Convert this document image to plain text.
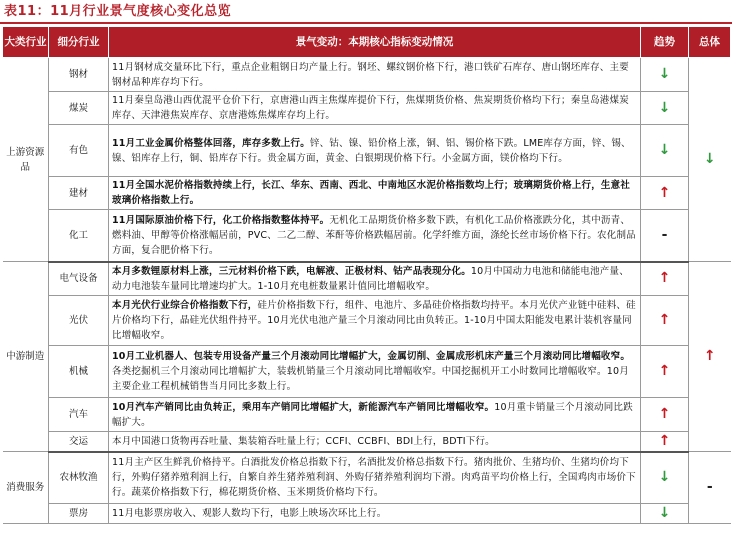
表11：11月行业景气度核心变化总览
大类行业	细分行业	景气变动：本期核心指标变动情况	趋势	总体
上游资源品	钢材	11月钢材成交量环比下行，重点企业粗钢日均产量上行。钢坯、螺纹钢价格下行，港口铁矿石库存、唐山钢坯库存、主要钢材品种库存均下行。	↓	↓
	煤炭	11月秦皇岛港山西优混平仓价下行，京唐港山西主焦煤库提价下行，焦煤期货价格、焦炭期货价格均下行；秦皇岛港煤炭库存、天津港焦炭库存、京唐港炼焦煤库存均上行。	↓	
	有色	11月工业金属价格整体回落，库存多数上行。锌、钴、镍、铅价格上涨，铜、铝、锡价格下跌。LME库存方面，锌、锡、镍、铝库存上行，铜、铅库存下行。贵金属方面，黄金、白银期现价格下行。小金属方面，镁价格均下行。	↓	
	建材	11月全国水泥价格指数持续上行，长江、华东、西南、西北、中南地区水泥价格指数均上行；玻璃期货价格上行，生意社玻璃价格指数上行。	↑	
	化工	11月国际原油价格下行，化工价格指数整体持平。无机化工品期货价格多数下跌，有机化工品价格涨跌分化，其中沥青、燃料油、甲醇等价格涨幅居前，PVC、二乙二醇、苯酐等价格跌幅居前。化学纤维方面，涤纶长丝市场价格下行。农化制品方面，复合肥价格下行。	-	
中游制造	电气设备	本月多数锂原材料上涨，三元材料价格下跌，电解液、正极材料、钴产品表现分化。10月中国动力电池和储能电池产量、动力电池装车量同比增速均扩大。1-10月充电桩数量累计值同比增幅收窄。	↑	↑
	光伏	本月光伏行业综合价格指数下行，硅片价格指数下行，组件、电池片、多晶硅价格指数均持平。本月光伏产业链中硅料、硅片价格均下行，晶硅光伏组件持平。10月光伏电池产量三个月滚动同比由负转正。1-10月中国太阳能发电累计装机容量同比增幅收窄。	↑	
	机械	10月工业机器人、包装专用设备产量三个月滚动同比增幅扩大，金属切削、金属成形机床产量三个月滚动同比增幅收窄。各类挖掘机三个月滚动同比增幅扩大，装载机销量三个月滚动同比增幅收窄。中国挖掘机开工小时数同比增幅收窄。10月主要企业工程机械销售当月同比多数上行。	↑	
	汽车	10月汽车产销同比由负转正，乘用车产销同比增幅扩大，新能源汽车产销同比增幅收窄。10月重卡销量三个月滚动同比跌幅扩大。	↑	
	交运	本月中国港口货物再吞吐量、集装箱吞吐量上行；CCFI、CCBFI、BDI上行，BDTI下行。	↑	
消费服务	农林牧渔	11月主产区生鲜乳价格持平。白酒批发价格总指数下行，名酒批发价格总指数下行。猪肉批价、生猪均价、生猪均价均下行，外购仔猪养殖利润上行，自繁自养生猪养殖利润、外购仔猪养殖利润均下滑。肉鸡苗平均价格上行，全国鸡肉市场价下行。蔬菜价格指数下行，棉花期货价格、玉米期货价格均下行。	↓	-
	票房	11月电影票房收入、观影人数均下行，电影上映场次环比上行。	↓	
